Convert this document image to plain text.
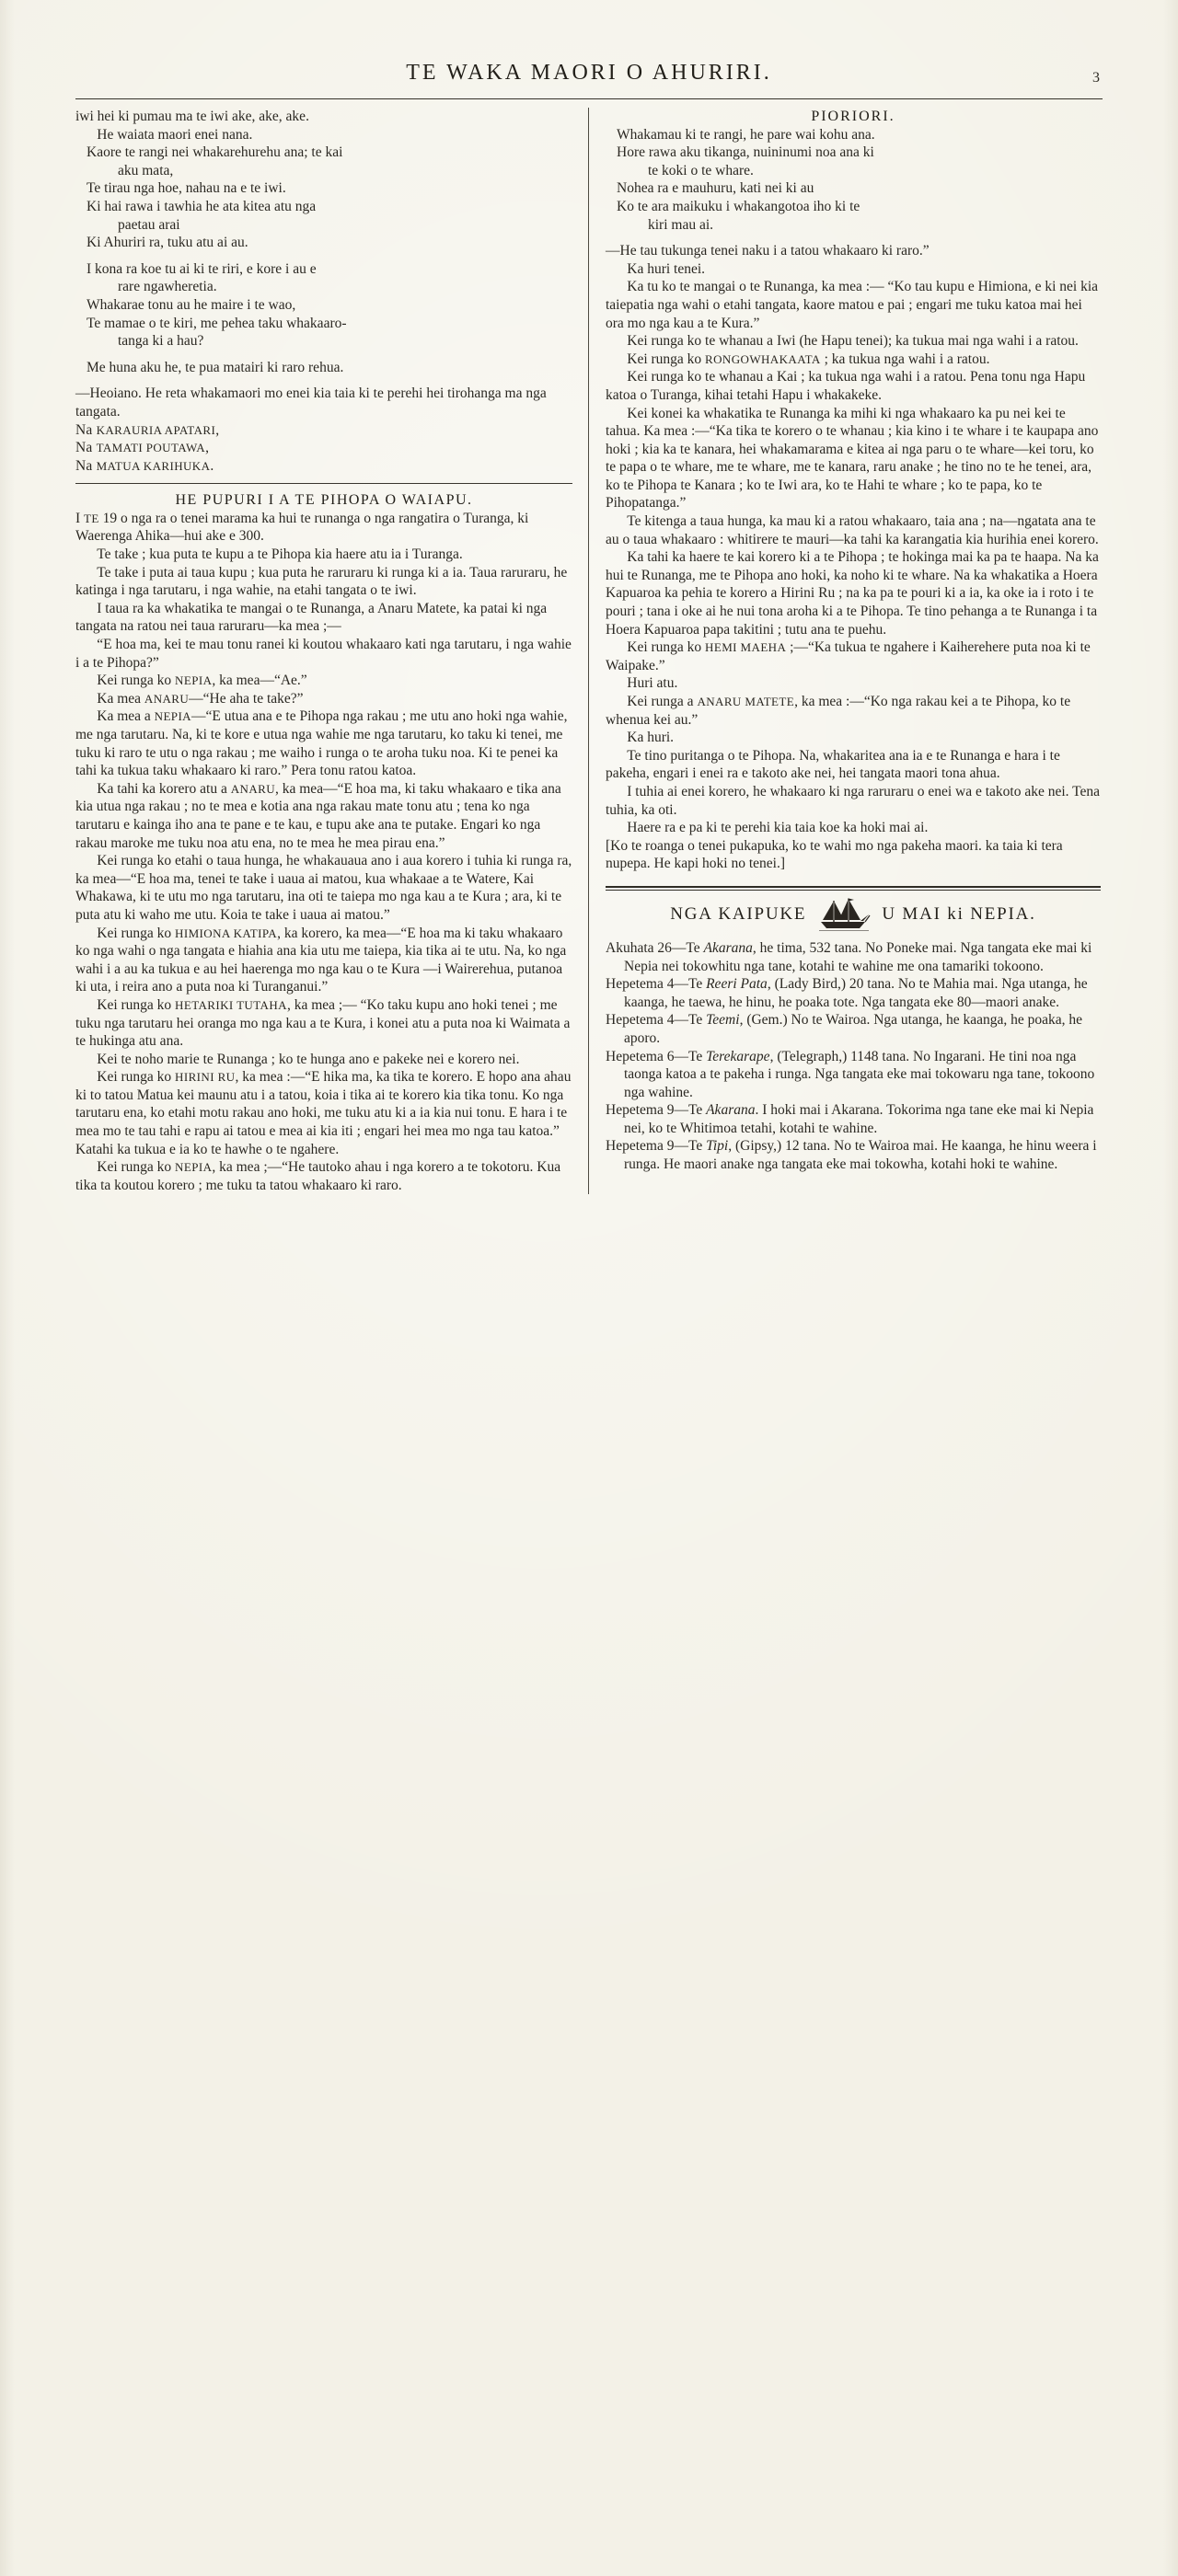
TE WAKA MAORI O AHURIRI.	3

iwi hei ki pumau ma te iwi ake, ake, ake.

He waiata maori enei nana.

Kaore te rangi nei whakarehurehu ana; te kai

aku mata,

Te tirau nga hoe, nahau na e te iwi.

Ki hai rawa i tawhia he ata kitea atu nga

paetau arai

Ki Ahuriri ra, tuku atu ai au.

I kona ra koe tu ai ki te riri, e kore i au e

rare ngawheretia.

Whakarae tonu au he maire i te wao,

Te mamae o te kiri, me pehea taku whakaaro-

tanga ki a hau?

Me huna aku he, te pua matairi ki raro rehua.

—Heoiano. He reta whakamaori mo enei kia taia ki te perehi hei tirohanga ma nga tangata.

Na KARAURIA APATARI,

Na TAMATI POUTAWA,

Na MATUA KARIHUKA.

HE PUPURI I A TE PIHOPA O WAIAPU.

I TE 19 o nga ra o tenei marama ka hui te runanga o nga rangatira o Turanga, ki Waerenga Ahika—hui ake e 300.

Te take ; kua puta te kupu a te Pihopa kia haere atu ia i Turanga.

Te take i puta ai taua kupu ; kua puta he raruraru ki runga ki a ia. Taua raruraru, he katinga i nga tarutaru, i nga wahie, na etahi tangata o te iwi.

I taua ra ka whakatika te mangai o te Runanga, a Anaru Matete, ka patai ki nga tangata na ratou nei taua raruraru—ka mea ;—

“E hoa ma, kei te mau tonu ranei ki koutou whakaaro kati nga tarutaru, i nga wahie i a te Pihopa?”

Kei runga ko NEPIA, ka mea—“Ae.”

Ka mea ANARU—“He aha te take?”

Ka mea a NEPIA—“E utua ana e te Pihopa nga rakau ; me utu ano hoki nga wahie, me nga tarutaru. Na, ki te kore e utua nga wahie me nga tarutaru, ko taku ki tenei, me tuku ki raro te utu o nga rakau ; me waiho i runga o te aroha tuku noa. Ki te penei ka tahi ka tukua taku whakaaro ki raro.” Pera tonu ratou katoa.

Ka tahi ka korero atu a ANARU, ka mea—“E hoa ma, ki taku whakaaro e tika ana kia utua nga rakau ; no te mea e kotia ana nga rakau mate tonu atu ; tena ko nga tarutaru e kainga iho ana te pane e te kau, e tupu ake ana te putake. Engari ko nga rakau maroke me tuku noa atu ena, no te mea he mea pirau ena.”

Kei runga ko etahi o taua hunga, he whakauaua ano i aua korero i tuhia ki runga ra, ka mea—“E hoa ma, tenei te take i uaua ai matou, kua whakaae a te Watere, Kai Whakawa, ki te utu mo nga tarutaru, ina oti te taiepa mo nga kau a te Kura ; ara, ki te puta atu ki waho me utu. Koia te take i uaua ai matou.”

Kei runga ko HIMIONA KATIPA, ka korero, ka mea—“E hoa ma ki taku whakaaro ko nga wahi o nga tangata e hiahia ana kia utu me taiepa, kia tika ai te utu. Na, ko nga wahi i a au ka tukua e au hei haerenga mo nga kau o te Kura —i Wairerehua, putanoa ki uta, i reira ano a puta noa ki Turanganui.”

Kei runga ko HETARIKI TUTAHA, ka mea ;— “Ko taku kupu ano hoki tenei ; me tuku nga tarutaru hei oranga mo nga kau a te Kura, i konei atu a puta noa ki Waimata a te hukinga atu ana.

Kei te noho marie te Runanga ; ko te hunga ano e pakeke nei e korero nei.

Kei runga ko HIRINI RU, ka mea :—“E hika ma, ka tika te korero. E hopo ana ahau ki to tatou Matua kei maunu atu i a tatou, koia i tika ai te korero kia tika tonu. Ko nga tarutaru ena, ko etahi motu rakau ano hoki, me tuku atu ki a ia kia nui tonu. E hara i te mea mo te tau tahi e rapu ai tatou e mea ai kia iti ; engari hei mea mo nga tau katoa.” Katahi ka tukua e ia ko te hawhe o te ngahere.

Kei runga ko NEPIA, ka mea ;—“He tautoko ahau i nga korero a te tokotoru. Kua tika ta koutou korero ; me tuku ta tatou whakaaro ki raro.

PIORIORI.

Whakamau ki te rangi, he pare wai kohu ana.

Hore rawa aku tikanga, nuininumi noa ana ki

te koki o te whare.

Nohea ra e mauhuru, kati nei ki au

Ko te ara maikuku i whakangotoa iho ki te

kiri mau ai.

—He tau tukunga tenei naku i a tatou whakaaro ki raro.”

Ka huri tenei.

Ka tu ko te mangai o te Runanga, ka mea :— “Ko tau kupu e Himiona, e ki nei kia taiepatia nga wahi o etahi tangata, kaore matou e pai ; engari me tuku katoa mai hei ora mo nga kau a te Kura.”

Kei runga ko te whanau a Iwi (he Hapu tenei); ka tukua mai nga wahi i a ratou.

Kei runga ko RONGOWHAKAATA ; ka tukua nga wahi i a ratou.

Kei runga ko te whanau a Kai ; ka tukua nga wahi i a ratou. Pena tonu nga Hapu katoa o Turanga, kihai tetahi Hapu i whakakeke.

Kei konei ka whakatika te Runanga ka mihi ki nga whakaaro ka pu nei kei te tahua. Ka mea :—“Ka tika te korero o te whanau ; kia kino i te whare i te kaupapa ano hoki ; kia ka te kanara, hei whakamarama e kitea ai nga paru o te whare—kei toru, ko te papa o te whare, me te whare, me te kanara, raru anake ; he tino no te he tenei, ara, ko te Pihopa te Kanara ; ko te Iwi ara, ko te Hahi te whare ; ko te papa, ko te Pihopatanga.”

Te kitenga a taua hunga, ka mau ki a ratou whakaaro, taia ana ; na—ngatata ana te au o taua whakaaro : whitirere te mauri—ka tahi ka karangatia kia hurihia enei korero.

Ka tahi ka haere te kai korero ki a te Pihopa ; te hokinga mai ka pa te haapa. Na ka hui te Runanga, me te Pihopa ano hoki, ka noho ki te whare. Na ka whakatika a Hoera Kapuaroa ka pehia te korero a Hirini Ru ; na ka pa te pouri ki a ia, ka oke ia i roto i te pouri ; tana i oke ai he nui tona aroha ki a te Pihopa. Te tino pehanga a te Runanga i ta Hoera Kapuaroa papa takitini ; tutu ana te puehu.

Kei runga ko HEMI MAEHA ;—“Ka tukua te ngahere i Kaiherehere puta noa ki te Waipake.”

Huri atu.

Kei runga a ANARU MATETE, ka mea :—“Ko nga rakau kei a te Pihopa, ko te whenua kei au.”

Ka huri.

Te tino puritanga o te Pihopa. Na, whakaritea ana ia e te Runanga e hara i te pakeha, engari i enei ra e takoto ake nei, hei tangata maori tona ahua.

I tuhia ai enei korero, he whakaaro ki nga raruraru o enei wa e takoto ake nei. Tena tuhia, ka oti.

Haere ra e pa ki te perehi kia taia koe ka hoki mai ai.

[Ko te roanga o tenei pukapuka, ko te wahi mo nga pakeha maori. ka taia ki tera nupepa. He kapi hoki no tenei.]

NGA KAIPUKE	U MAI ki NEPIA.

Akuhata 26—Te Akarana, he tima, 532 tana. No Poneke mai. Nga tangata eke mai ki Nepia nei tokowhitu nga tane, kotahi te wahine me ona tamariki tokoono.

Hepetema 4—Te Reeri Pata, (Lady Bird,) 20 tana. No te Mahia mai. Nga utanga, he kaanga, he taewa, he hinu, he poaka tote. Nga tangata eke 80—maori anake.

Hepetema 4—Te Teemi, (Gem.) No te Wairoa. Nga utanga, he kaanga, he poaka, he aporo.

Hepetema 6—Te Terekarape, (Telegraph,) 1148 tana. No Ingarani. He tini noa nga taonga katoa a te pakeha i runga. Nga tangata eke mai tokowaru nga tane, tokoono nga wahine.

Hepetema 9—Te Akarana. I hoki mai i Akarana. Tokorima nga tane eke mai ki Nepia nei, ko te Whitimoa tetahi, kotahi te wahine.

Hepetema 9—Te Tipi, (Gipsy,) 12 tana. No te Wairoa mai. He kaanga, he hinu weera i runga. He maori anake nga tangata eke mai tokowha, kotahi hoki te wahine.
